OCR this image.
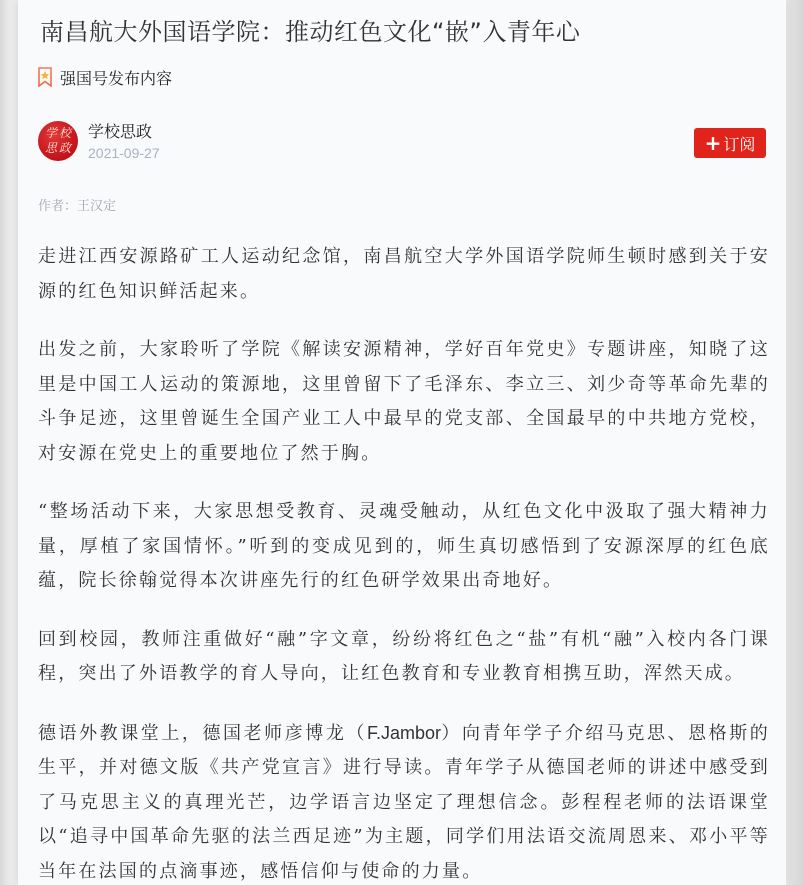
南昌航大外国语学院：推动红色文化“嵌”入青年心
强国号发布内容
学 校
思 政
学校思政
2021-09-27	+ 订阅
作者：王汉定

走进江西安源路矿工人运动纪念馆，南昌航空大学外国语学院师生顿时感到关于安源的红色知识鲜活起来。

出发之前，大家聆听了学院《解读安源精神，学好百年党史》专题讲座，知晓了这里是中国工人运动的策源地，这里曾留下了毛泽东、李立三、刘少奇等革命先辈的斗争足迹，这里曾诞生全国产业工人中最早的党支部、全国最早的中共地方党校，对安源在党史上的重要地位了然于胸。

“整场活动下来，大家思想受教育、灵魂受触动，从红色文化中汲取了强大精神力量，厚植了家国情怀。”听到的变成见到的，师生真切感悟到了安源深厚的红色底蕴，院长徐翰觉得本次讲座先行的红色研学效果出奇地好。

回到校园，教师注重做好“融”字文章，纷纷将红色之“盐”有机“融”入校内各门课程，突出了外语教学的育人导向，让红色教育和专业教育相携互助，浑然天成。

德语外教课堂上，德国老师彦博龙（F.Jambor）向青年学子介绍马克思、恩格斯的生平，并对德文版《共产党宣言》进行导读。青年学子从德国老师的讲述中感受到了马克思主义的真理光芒，边学语言边坚定了理想信念。彭程程老师的法语课堂以“追寻中国革命先驱的法兰西足迹”为主题，同学们用法语交流周恩来、邓小平等当年在法国的点滴事迹，感悟信仰与使命的力量。
